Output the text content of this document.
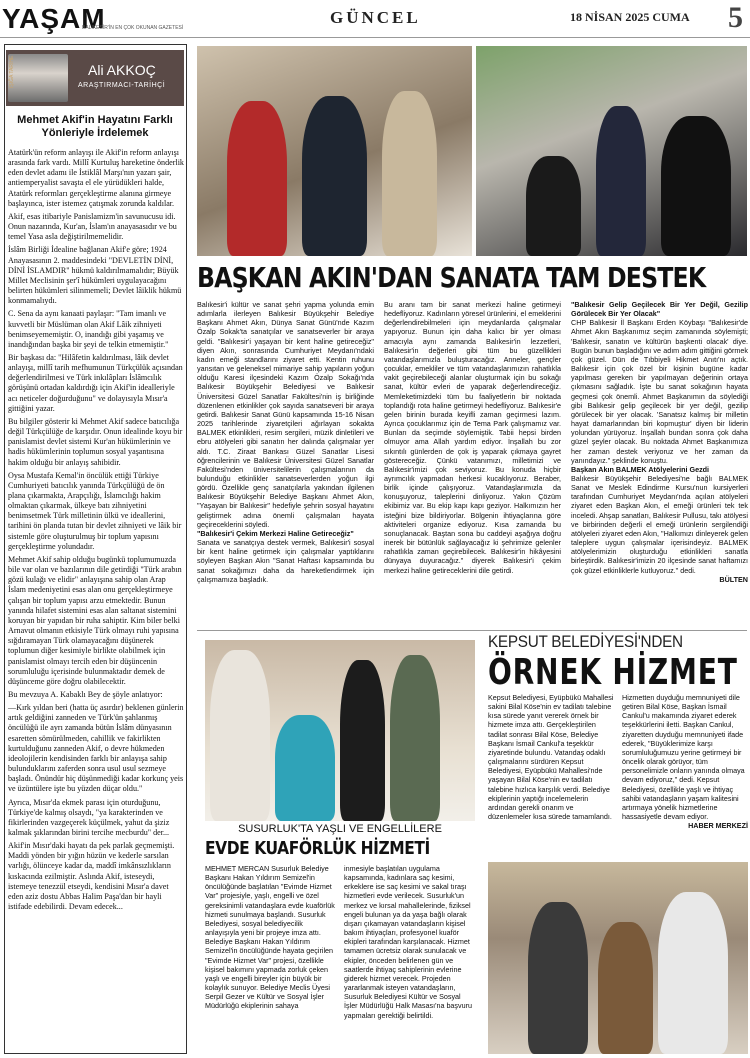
YAŞAM
BALIKESİR'İN EN ÇOK OKUNAN GAZETESİ
GÜNCEL	18 NİSAN 2025 CUMA 5
IŞIĞA TARİHE	Ali AKKOÇ
ARAŞTIRMACI-TARİHÇİ
Mehmet Akif'in Hayatını Farklı Yönleriyle İrdelemek

Atatürk'ün reform anlayışı ile Akif'in reform anlayışı arasında fark vardı. Millî Kurtuluş hareketine önderlik eden devlet adamı ile İstiklâl Marşı'nın yazarı şair, antiemperyalist savaşta el ele yürüdükleri halde, Atatürk reformları gerçekleştirme alanına girmeye başlayınca, ister istemez çatışmak zorunda kaldılar.

Akif, esas itibariyle Panislamizm'in savunucusu idi. Onun nazarında, Kur'an, İslam'ın anayasasıdır ve bu temel Yasa asla değiştirilmemelidir.

İslâm Birliği İdealine bağlanan Akif'e göre; 1924 Anayasasının 2. maddesindeki "DEVLETİN DİNİ, DİNİ İSLAMDIR" hükmü kaldırılmamalıdır; Büyük Millet Meclisinin şer'î hükümleri uygulayacağını belirten hükümleri silinmemeli; Devlet lâiklik hükmü konmamalıydı.

C. Sena da aynı kanaati paylaşır: "Tam imanlı ve kuvvetli bir Müslüman olan Akif Lâik zihniyeti benimseyememiştir. O, inandığı gibi yaşamış ve inandığından başka bir şeyi de telkin etmemiştir."

Bir başkası da: "Hilâfetin kaldırılması, lâik devlet anlayışı, millî tarih mefhumunun Türkçülük açısından değerlendirilmesi ve Türk inkılâpları İslâmcılık görüşünü ortadan kaldırdığı için Akif'in idealleriyle acı neticeler doğurduğunu" ve dolayısıyla Mısır'a gittiğini yazar.

Bu bilgiler gösterir ki Mehmet Akif sadece batıcılığa değil Türkçülüğe de karşıdır. Onun idealinde koyu bir panislamist devlet sistemi Kur'an hükümlerinin ve hadis hükümlerinin toplumun sosyal yaşantısına hakim olduğu bir anlayış sahibidir.

Oysa Mustafa Kemal'in öncülük ettiği Türkiye Cumhuriyeti batıcılık yanında Türkçülüğü de ön plana çıkarmakta, Arapçılığı, İslamcılığı hakim olmaktan çıkarmak, ülkeye batı zihniyetini benimsetmek Türk milletinin ülkü ve ideallerini, tarihini ön planda tutan bir devlet zihniyeti ve lâik bir sistemle göre oluşturulmuş bir toplum yapısını gerçekleştirme yolundadır.

Mehmet Akif sahip olduğu bugünkü toplumumuzda bile var olan ve bazılarının dile getirdiği "Türk arabın gözü kulağı ve elidir" anlayışına sahip olan Arap İslam medeniyetini esas alan onu gerçekleştirmeye çalışan bir toplum yapısı arzu etmektedir. Bunun yanında hilafet sistemini esas alan saltanat sistemini koruyan bir yapıdan bir ruha sahiptir. Kim biler belki Arnavut olmanın etkisiyle Türk olmayı ruhi yapısına sığdıramayan Türk olamayacağını düşünerek toplumun diğer kesimiyle birlikte olabilmek için panislamist olmayı tercih eden bir düşüncenin sorumluluğu içerisinde bulunmaktadır demek de düşünceme göre doğru olabilecektir.

Bu mevzuya A. Kabaklı Bey de şöyle anlatıyor:

—Kırk yıldan beri (hatta üç asırdır) beklenen günlerin artık geldiğini zanneden ve Türk'ün şahlanmış öncülüğü ile ayrı zamanda bütün İslâm dünyasının esaretten sömürülmeden, cahillik ve fakirlikten kurtulduğunu zanneden Akif, o devre hükmeden ideolojilerin kendisinden farklı bir anlayışa sahip bulunduklarını zaferden sonra usul usul sezmeye başladı. Önündür hiç düşünmediği kadar korkunç yeis ve üzüntülere işte bu yüzden düçar oldu."

Ayrıca, Mısır'da ekmek parası için oturduğunu, Türkiye'de kalmış olsaydı, "ya karakterinden ve fikirlerinden vazgeçerek küçülmek, yahut da şiziz kalmak şıklarından birini tercihe mecburdu" der...

Akif'in Mısır'daki hayatı da pek parlak geçmemişti. Maddi yönden bir yığın hüzün ve kederle sarsılan varlığı, ölünceye kadar da, maddî imkânsızlıkların kıskacında ezilmiştir. Aslında Akif, isteseydi, istemeye tenezzül etseydi, kendisini Mısır'a davet eden aziz dostu Abbas Halim Paşa'dan bir hayli istifade edebilirdi. Devam edecek...

BAŞKAN AKIN'DAN SANATA TAM DESTEK
Balıkesir'i kültür ve sanat şehri yapma yolunda emin adımlarla ilerleyen Balıkesir Büyükşehir Belediye Başkanı Ahmet Akın, Dünya Sanat Günü'nde Kazım Özalp Sokak'ta sanatçılar ve sanatseverler bir araya geldi. "Balıkesir'i yaşayan bir kent haline getireceğiz" diyen Akın, sonrasında Cumhuriyet Meydanı'ndaki kadın emeği standlarını ziyaret etti. Kentin ruhunu yansıtan ve geleneksel mimariye sahip yapıların yoğun olduğu Karesi ilçesindeki Kazım Özalp Sokağı'nda Balıkesir Büyükşehir Belediyesi ve Balıkesir Üniversitesi Güzel Sanatlar Fakültesi'nin iş birliğinde düzenlenen etkinlikler çok sayıda sanatseveri bir araya getirdi. Balıkesir Sanat Günü kapsamında 15-16 Nisan 2025 tarihlerinde ziyaretçileri ağırlayan sokakta BALMEK etkinlikleri, resim sergileri, müzik dinletileri ve ebru atölyeleri gibi sanatın her dalında çalışmalar yer aldı. T.C. Ziraat Bankası Güzel Sanatlar Lisesi öğrencilerinin ve Balıkesir Üniversitesi Güzel Sanatlar Fakültesi'nden üniversitelilerin çalışmalarının da bulunduğu etkinlikler sanatseverlerden yoğun ilgi gördü. Özellikle genç sanatçılarla yakından ilgilenen Balıkesir Büyükşehir Belediye Başkanı Ahmet Akın, "Yaşayan bir Balıkesir" hedefiyle şehrin sosyal hayatını geliştirmek adına önemli çalışmaları hayata geçireceklerini söyledi.
"Balıkesir'i Çekim Merkezi Haline Getireceğiz"
Sanata ve sanatçıya destek vermek, Balıkesir'i sosyal bir kent haline getirmek için çalışmalar yaptıklarını söyleyen Başkan Akın "Sanat Haftası kapsamında bu sanat sokağımızı daha da hareketlendirmek için çalışmamıza başladık.
Bu aranı tam bir sanat merkezi haline getirmeyi hedefliyoruz. Kadınların yöresel ürünlerini, el emeklerini değerlendirebilmeleri için meydanlarda çalışmalar yapıyoruz. Bunun için daha kalıcı bir yer olması amacıyla aynı zamanda Balıkesir'in lezzetleri, Balıkesir'in değerleri gibi tüm bu güzellikleri vatandaşlarımızla buluşturacağız. Anneler, gençler çocuklar, emekliler ve tüm vatandaşlarımızın rahatlıkla vakit geçirebileceği alanlar oluşturmak için bu sokağı sanat, kültür evleri de yaparak değerlendireceğiz. Memleketimizdeki tüm bu faaliyetlerin bir noktada toplandığı rota haline getirmeyi hedefliyoruz. Balıkesir'e gelen birinin burada keyifli zaman geçirmesi lazım. Ayrıca çocuklarımız için de Tema Park çalışmamız var. Bunları da seçimde söylemiştik. Tabii hepsi birden olmuyor ama Allah yardım ediyor. İnşallah bu zor sıkıntılı günlerden de çok iş yaparak çıkmaya gayret göstereceğiz. Çünkü vatanımızı, milletimizi ve Balıkesir'imizi çok seviyoruz. Bu konuda hiçbir ayrımcılık yapmadan herkesi kucaklıyoruz. Beraber, birlik içinde çalışıyoruz. Vatandaşlarımızla da konuşuyoruz, taleplerini dinliyoruz. Yakın Çözüm ekibimiz var. Bu ekip kapı kapı geziyor. Halkımızın her isteğini bize bildiriyorlar. Bölgenin ihtiyaçlarına göre aktiviteleri organize ediyoruz. Kısa zamanda bu sonuçlanacak. Baştan sona bu caddeyi aşağıya doğru inerek bir bütünlük sağlayacağız ki şehrimize gelenler rahatlıkla zaman geçirebilecek. Balıkesir'in hikâyesini dünyaya duyuracağız." diyerek Balıkesir'i çekim merkezi haline getireceklerini dile getirdi.
"Balıkesir Gelip Geçilecek Bir Yer Değil, Gezilip Görülecek Bir Yer Olacak"
CHP Balıkesir İl Başkanı Erden Köybaşı "Balıkesir'de Ahmet Akın Başkanımız seçim zamanında söylemişti; 'Balıkesir, sanatın ve kültürün başkenti olacak' diye. Bugün bunun başladığını ve adım adım gittiğini görmek çok güzel. Dün de Tıbbiyeli Hikmet Anıtı'nı açtık. Balıkesir için çok özel bir kişinin bugüne kadar yapılması gereken bir yapılmayan değerinin ortaya çıkmasını sağladık. İşte bu sanat sokağının hayata geçmesi çok önemli. Ahmet Başkanımın da söylediği gibi Balıkesir gelip geçilecek bir yer değil, gezilip görülecek bir yer olacak. 'Sanatsız kalmış bir milletin hayat damarlarından biri kopmuştur' diyen bir liderin yolundan yürüyoruz. İnşallah bundan sonra çok daha güzel şeyler olacak. Bu noktada Ahmet Başkanımıza her zaman destek veriyoruz ve her zaman da yanındayız." şeklinde konuştu.
Başkan Akın BALMEK Atölyelerini Gezdi
Balıkesir Büyükşehir Belediyesi'ne bağlı BALMEK Sanat ve Meslek Edindirme Kursu'nun kursiyerleri tarafından Cumhuriyet Meydanı'nda açılan atölyeleri ziyaret eden Başkan Akın, el emeği ürünleri tek tek inceledi. Ahşap sanatları, Balıkesir Pullusu, takı atölyesi ve birbirinden değerli el emeği ürünlerin sergilendiği atölyeleri ziyaret eden Akın, "Halkımızı dinleyerek gelen taleplere uygun çalışmalar içerisindeyiz. BALMEK atölyelerimizin oluşturduğu etkinlikleri sanatla birleştirdik. Balıkesir'imizin 20 ilçesinde sanat haftamızı çok güzel etkinliklerle kutluyoruz." dedi.
BÜLTEN
SUSURLUK'TA YAŞLI VE ENGELLİLERE
EVDE KUAFÖRLÜK HİZMETİ
MEHMET MERCAN Susurluk Belediye Başkanı Hakan Yıldırım Semizel'in öncülüğünde başlatılan "Evimde Hizmet Var" projesiyle, yaşlı, engelli ve özel gereksinimli vatandaşlara evde kuaförlük hizmeti sunulmaya başlandı. Susurluk Belediyesi, sosyal belediyecilik anlayışıyla yeni bir projeye imza attı. Belediye Başkanı Hakan Yıldırım Semizel'in öncülüğünde hayata geçirilen "Evimde Hizmet Var" projesi, özellikle kişisel bakımını yapmada zorluk çeken yaşlı ve engelli bireyler için büyük bir kolaylık sunuyor. Belediye Meclis Üyesi Serpil Gezer ve Kültür ve Sosyal İşler Müdürlüğü ekiplerinin sahaya
inmesiyle başlatılan uygulama kapsamında, kadınlara saç kesimi, erkeklere ise saç kesimi ve sakal tıraşı hizmetleri evde verilecek. Susurluk'un merkez ve kırsal mahallelerinde, fiziksel engeli bulunan ya da yaşa bağlı olarak dışarı çıkamayan vatandaşların kişisel bakım ihtiyaçları, profesyonel kuaför ekipleri tarafından karşılanacak. Hizmet tamamen ücretsiz olarak sunulacak ve ekipler, önceden belirlenen gün ve saatlerde ihtiyaç sahiplerinin evlerine giderek hizmet verecek. Projeden yararlanmak isteyen vatandaşların, Susurluk Belediyesi Kültür ve Sosyal İşler Müdürlüğü Halk Masası'na başvuru yapmaları gerektiği belirtildi.
KEPSUT BELEDİYESİ'NDEN
ÖRNEK HİZMET
Kepsut Belediyesi, Eyüpbükü Mahallesi sakini Bilal Köse'nin ev tadilatı talebine kısa sürede yanıt vererek örnek bir hizmete imza attı. Gerçekleştirilen tadilat sonrası Bilal Köse, Belediye Başkanı İsmail Cankul'a teşekkür ziyaretinde bulundu. Vatandaş odaklı çalışmalarını sürdüren Kepsut Belediyesi, Eyüpbükü Mahallesi'nde yaşayan Bilal Köse'nin ev tadilatı talebine hızlıca karşılık verdi. Belediye ekiplerinin yaptığı incelemelerin ardından gerekli onarım ve düzenlemeler kısa sürede tamamlandı.
Hizmetten duyduğu memnuniyeti dile getiren Bilal Köse, Başkan İsmail Cankul'u makamında ziyaret ederek teşekkürlerini iletti. Başkan Cankul, ziyaretten duyduğu memnuniyeti ifade ederek, "Büyüklerimize karşı sorumluluğumuzu yerine getirmeyi bir öncelik olarak görüyor, tüm personelimizle onların yanında olmaya devam ediyoruz," dedi. Kepsut Belediyesi, özellikle yaşlı ve ihtiyaç sahibi vatandaşların yaşam kalitesini artırmaya yönelik hizmetlerine hassasiyetle devam ediyor.
HABER MERKEZİ
